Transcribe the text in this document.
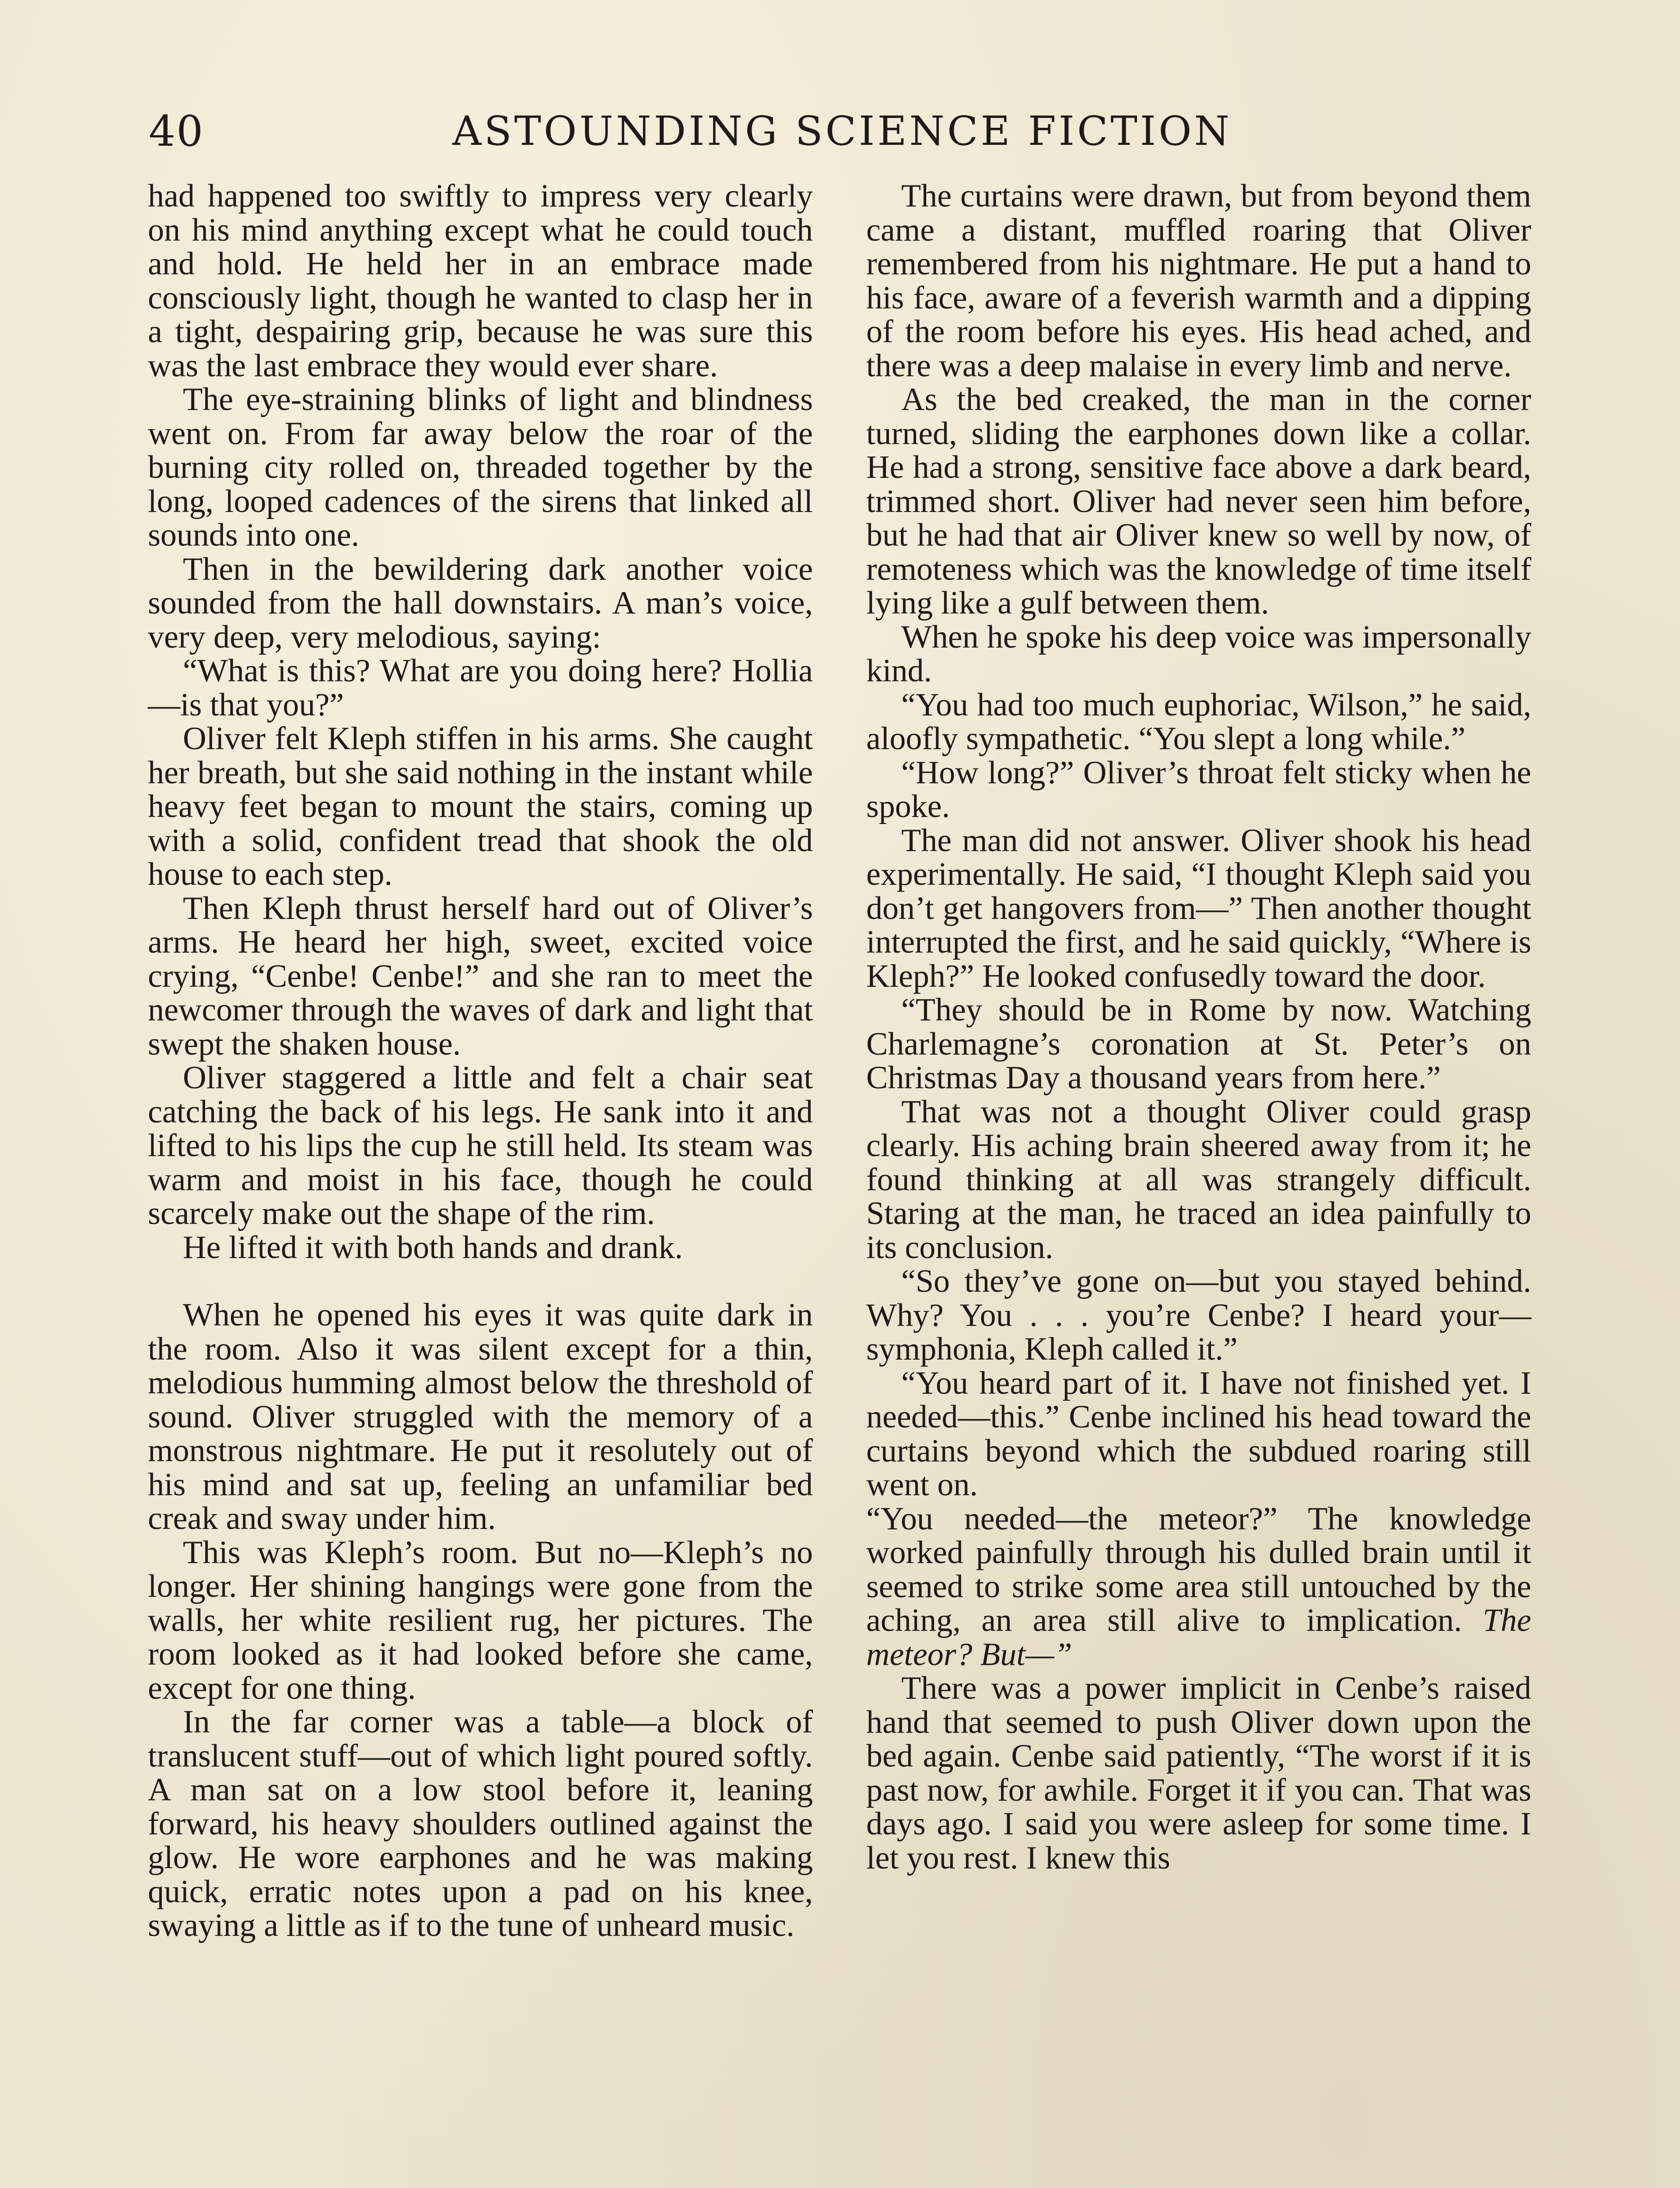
40	ASTOUNDING SCIENCE FICTION

had happened too swiftly to impress very clearly on his mind anything except what he could touch and hold. He held her in an embrace made consciously light, though he wanted to clasp her in a tight, despairing grip, because he was sure this was the last embrace they would ever share.

The eye-straining blinks of light and blindness went on. From far away below the roar of the burning city rolled on, threaded together by the long, looped cadences of the sirens that linked all sounds into one.

Then in the bewildering dark another voice sounded from the hall downstairs. A man’s voice, very deep, very melodious, saying:

“What is this? What are you doing here? Hollia—is that you?”

Oliver felt Kleph stiffen in his arms. She caught her breath, but she said nothing in the instant while heavy feet began to mount the stairs, coming up with a solid, confident tread that shook the old house to each step.

Then Kleph thrust herself hard out of Oliver’s arms. He heard her high, sweet, excited voice crying, “Cenbe! Cenbe!” and she ran to meet the newcomer through the waves of dark and light that swept the shaken house.

Oliver staggered a little and felt a chair seat catching the back of his legs. He sank into it and lifted to his lips the cup he still held. Its steam was warm and moist in his face, though he could scarcely make out the shape of the rim.

He lifted it with both hands and drank.

When he opened his eyes it was quite dark in the room. Also it was silent except for a thin, melodious humming almost below the threshold of sound. Oliver struggled with the memory of a monstrous nightmare. He put it resolutely out of his mind and sat up, feeling an unfamiliar bed creak and sway under him.

This was Kleph’s room. But no—Kleph’s no longer. Her shining hangings were gone from the walls, her white resilient rug, her pictures. The room looked as it had looked before she came, except for one thing.

In the far corner was a table—a block of translucent stuff—out of which light poured softly. A man sat on a low stool before it, leaning forward, his heavy shoulders outlined against the glow. He wore earphones and he was making quick, erratic notes upon a pad on his knee, swaying a little as if to the tune of unheard music.

The curtains were drawn, but from beyond them came a distant, muffled roaring that Oliver remembered from his nightmare. He put a hand to his face, aware of a feverish warmth and a dipping of the room before his eyes. His head ached, and there was a deep malaise in every limb and nerve.

As the bed creaked, the man in the corner turned, sliding the earphones down like a collar. He had a strong, sensitive face above a dark beard, trimmed short. Oliver had never seen him before, but he had that air Oliver knew so well by now, of remoteness which was the knowledge of time itself lying like a gulf between them.

When he spoke his deep voice was impersonally kind.

“You had too much euphoriac, Wilson,” he said, aloofly sympathetic. “You slept a long while.”

“How long?” Oliver’s throat felt sticky when he spoke.

The man did not answer. Oliver shook his head experimentally. He said, “I thought Kleph said you don’t get hangovers from—” Then another thought interrupted the first, and he said quickly, “Where is Kleph?” He looked confusedly toward the door.

“They should be in Rome by now. Watching Charlemagne’s coronation at St. Peter’s on Christmas Day a thousand years from here.”

That was not a thought Oliver could grasp clearly. His aching brain sheered away from it; he found thinking at all was strangely difficult. Staring at the man, he traced an idea painfully to its conclusion.

“So they’ve gone on—but you stayed behind. Why? You . . . you’re Cenbe? I heard your—symphonia, Kleph called it.”

“You heard part of it. I have not finished yet. I needed—this.” Cenbe inclined his head toward the curtains beyond which the subdued roaring still went on.

“You needed—the meteor?” The knowledge worked painfully through his dulled brain until it seemed to strike some area still untouched by the aching, an area still alive to implication. The meteor? But—”

There was a power implicit in Cenbe’s raised hand that seemed to push Oliver down upon the bed again. Cenbe said patiently, “The worst if it is past now, for awhile. Forget it if you can. That was days ago. I said you were asleep for some time. I let you rest. I knew this
